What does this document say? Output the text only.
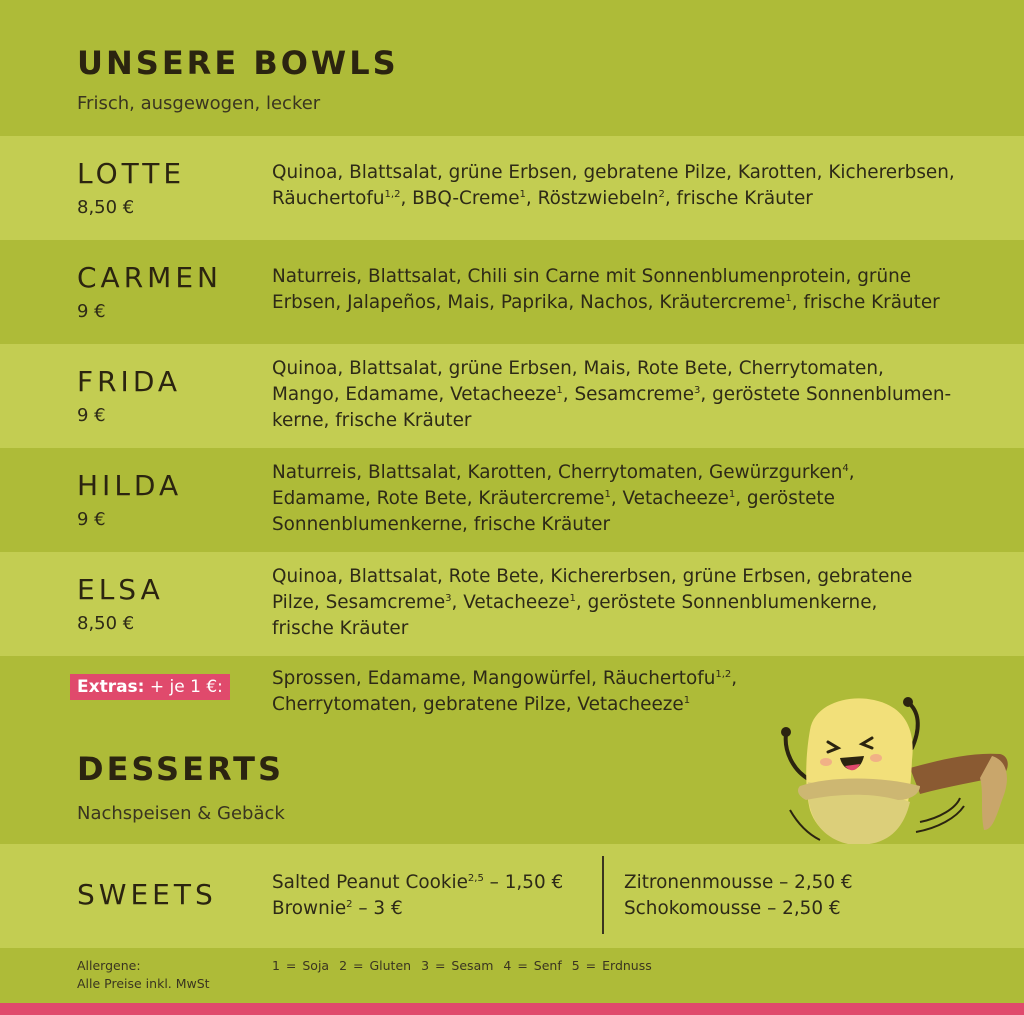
UNSERE BOWLS
Frisch, ausgewogen, lecker
LOTTE
8,50 €
Quinoa, Blattsalat, grüne Erbsen, gebratene Pilze, Karotten, Kichererbsen,
Räuchertofu$^{1,2}$, BBQ-Creme$^1$, Röstzwiebeln$^2$, frische Kräuter
CARMEN
9 €
Naturreis, Blattsalat, Chili sin Carne mit Sonnenblumenprotein, grüne
Erbsen, Jalapeños, Mais, Paprika, Nachos, Kräutercreme$^1$, frische Kräuter
FRIDA
9 €
Quinoa, Blattsalat, grüne Erbsen, Mais, Rote Bete, Cherrytomaten,
Mango, Edamame, Vetacheeze$^1$, Sesamcreme$^3$, geröstete Sonnenblumen-
kerne, frische Kräuter
HILDA
9 €
Naturreis, Blattsalat, Karotten, Cherrytomaten, Gewürzgurken$^4$,
Edamame, Rote Bete, Kräutercreme$^1$, Vetacheeze$^1$, geröstete
Sonnenblumenkerne, frische Kräuter
ELSA
8,50 €
Quinoa, Blattsalat, Rote Bete, Kichererbsen, grüne Erbsen, gebratene
Pilze, Sesamcreme$^3$, Vetacheeze$^1$, geröstete Sonnenblumenkerne,
frische Kräuter
Extras: + je 1 €:	Sprossen, Edamame, Mangowürfel, Räuchertofu$^{1,2}$,
Cherrytomaten, gebratene Pilze, Vetacheeze$^1$
DESSERTS
Nachspeisen & Gebäck
SWEETS	Salted Peanut Cookie$^{2,5}$ – 1,50 €
Brownie$^2$ – 3 €
Zitronenmousse – 2,50 €
Schokomousse – 2,50 €
Allergene:
Alle Preise inkl. MwSt
1 = Soja 2 = Gluten 3 = Sesam 4 = Senf 5 = Erdnuss
